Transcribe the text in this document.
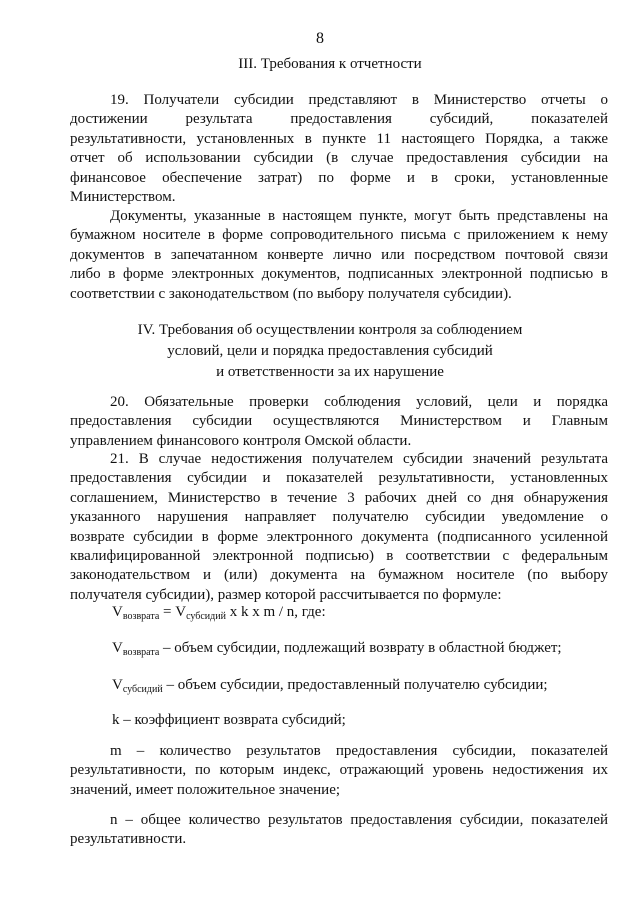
8
III. Требования к отчетности
19. Получатели субсидии представляют в Министерство отчеты о
достижении результата предоставления субсидий, показателей
результативности, установленных в пункте 11 настоящего Порядка, а также
отчет об использовании субсидии (в случае предоставления субсидии на
финансовое обеспечение затрат) по форме и в сроки, установленные
Министерством.
Документы, указанные в настоящем пункте, могут быть представлены на
бумажном носителе в форме сопроводительного письма с приложением к нему
документов в запечатанном конверте лично или посредством почтовой связи
либо в форме электронных документов, подписанных электронной подписью в
соответствии с законодательством (по выбору получателя субсидии).
IV. Требования об осуществлении контроля за соблюдением
условий, цели и порядка предоставления субсидий
и ответственности за их нарушение
20. Обязательные проверки соблюдения условий, цели и порядка
предоставления субсидии осуществляются Министерством и Главным
управлением финансового контроля Омской области.
21. В случае недостижения получателем субсидии значений результата
предоставления субсидии и показателей результативности, установленных
соглашением, Министерство в течение 3 рабочих дней со дня обнаружения
указанного нарушения направляет получателю субсидии уведомление о
возврате субсидии в форме электронного документа (подписанного усиленной
квалифицированной электронной подписью) в соответствии с федеральным
законодательством и (или) документа на бумажном носителе (по выбору
получателя субсидии), размер которой рассчитывается по формуле:
$V_{возврата} = V_{субсидий}$ x k x m / n, где:
$V_{возврата}$ – объем субсидии, подлежащий возврату в областной бюджет;
$V_{субсидий}$ – объем субсидии, предоставленный получателю субсидии;
k – коэффициент возврата субсидий;
m – количество результатов предоставления субсидии, показателей
результативности, по которым индекс, отражающий уровень недостижения их
значений, имеет положительное значение;
n – общее количество результатов предоставления субсидии, показателей
результативности.
